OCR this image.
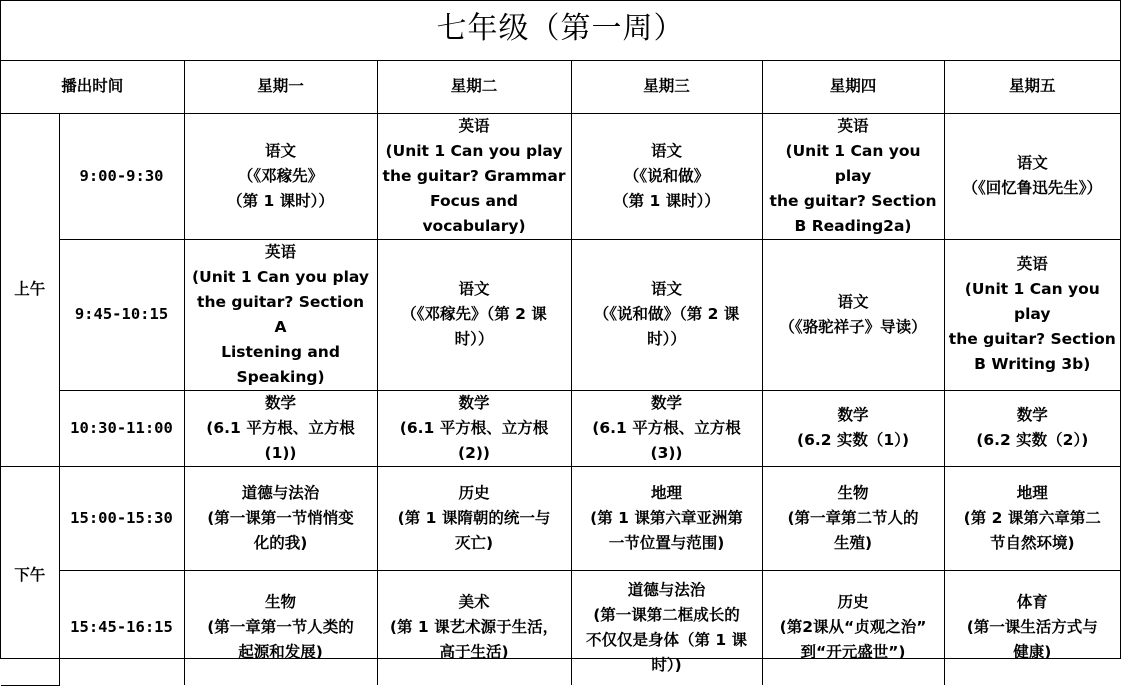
七年级（第一周）
播出时间		星期一	星期二	星期三	星期四	星期五
上午	9:00-9:30	语文
（《邓稼先》
（第 1 课时））	英语
(Unit 1 Can you play
the guitar? Grammar
Focus and
vocabulary)	语文
（《说和做》
（第 1 课时））	英语
(Unit 1 Can you play
the guitar? Section
B Reading2a)	语文
（《回忆鲁迅先生》）

	9:45-10:15	英语
(Unit 1 Can you play
the guitar? Section A
Listening and
Speaking)	语文
（《邓稼先》（第 2 课
时））	语文
（《说和做》（第 2 课
时））	语文
（《骆驼祥子》导读）	英语
(Unit 1 Can you play
the guitar? Section
B Writing 3b)

	10:30-11:00	数学
(6.1 平方根、立方根
(1))	数学
(6.1 平方根、立方根
(2))	数学
(6.1 平方根、立方根
(3))	数学
(6.2 实数（1）)	数学
(6.2 实数（2）)

下午	15:00-15:30	道德与法治
(第一课第一节悄悄变
化的我)	历史
(第 1 课隋朝的统一与
灭亡)	地理
(第 1 课第六章亚洲第
一节位置与范围)	生物
(第一章第二节人的
生殖)	地理
(第 2 课第六章第二
节自然环境)

	15:45-16:15	生物
(第一章第一节人类的
起源和发展)	美术
(第 1 课艺术源于生活，
高于生活)	道德与法治
(第一课第二框成长的
不仅仅是身体（第 1 课
时）)	历史
(第2课从“贞观之治”
到“开元盛世”)	体育
(第一课生活方式与
健康)
